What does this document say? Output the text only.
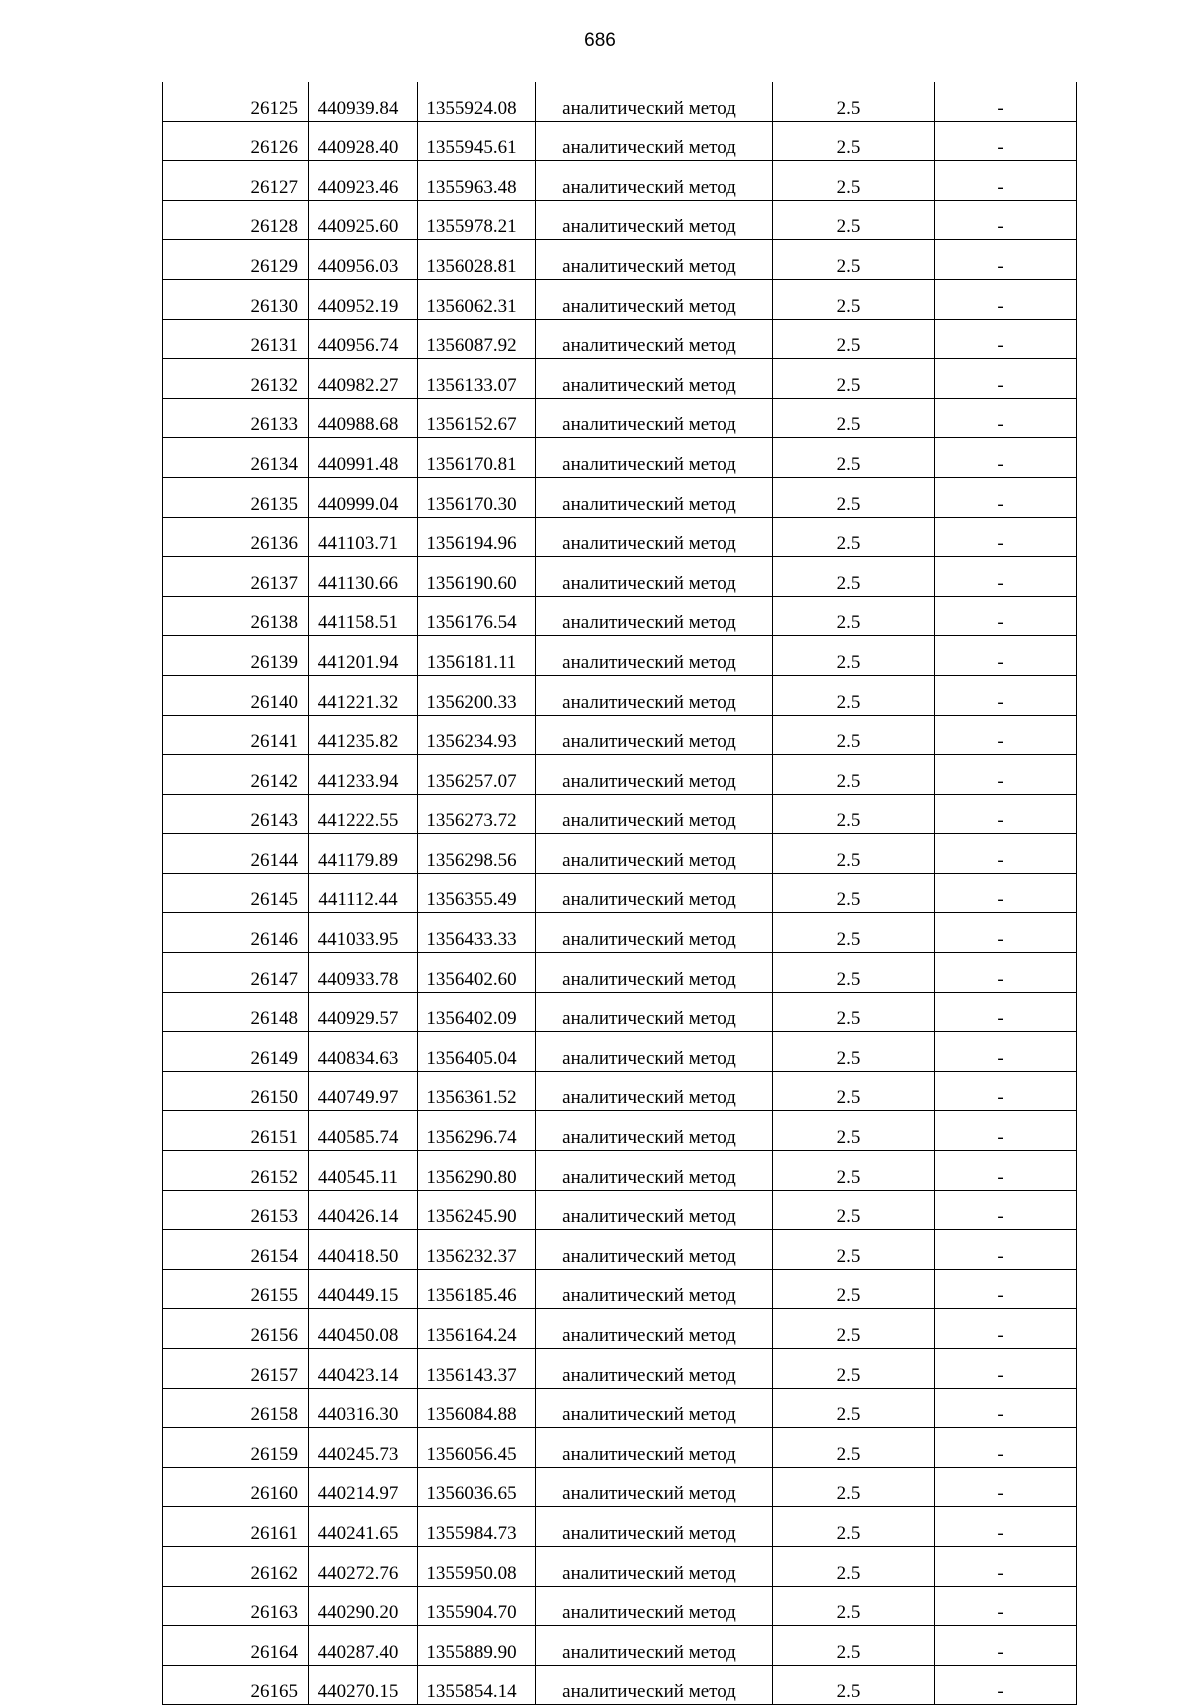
686
26125	440939.84	1355924.08	аналитический метод	2.5	-
26126	440928.40	1355945.61	аналитический метод	2.5	-
26127	440923.46	1355963.48	аналитический метод	2.5	-
26128	440925.60	1355978.21	аналитический метод	2.5	-
26129	440956.03	1356028.81	аналитический метод	2.5	-
26130	440952.19	1356062.31	аналитический метод	2.5	-
26131	440956.74	1356087.92	аналитический метод	2.5	-
26132	440982.27	1356133.07	аналитический метод	2.5	-
26133	440988.68	1356152.67	аналитический метод	2.5	-
26134	440991.48	1356170.81	аналитический метод	2.5	-
26135	440999.04	1356170.30	аналитический метод	2.5	-
26136	441103.71	1356194.96	аналитический метод	2.5	-
26137	441130.66	1356190.60	аналитический метод	2.5	-
26138	441158.51	1356176.54	аналитический метод	2.5	-
26139	441201.94	1356181.11	аналитический метод	2.5	-
26140	441221.32	1356200.33	аналитический метод	2.5	-
26141	441235.82	1356234.93	аналитический метод	2.5	-
26142	441233.94	1356257.07	аналитический метод	2.5	-
26143	441222.55	1356273.72	аналитический метод	2.5	-
26144	441179.89	1356298.56	аналитический метод	2.5	-
26145	441112.44	1356355.49	аналитический метод	2.5	-
26146	441033.95	1356433.33	аналитический метод	2.5	-
26147	440933.78	1356402.60	аналитический метод	2.5	-
26148	440929.57	1356402.09	аналитический метод	2.5	-
26149	440834.63	1356405.04	аналитический метод	2.5	-
26150	440749.97	1356361.52	аналитический метод	2.5	-
26151	440585.74	1356296.74	аналитический метод	2.5	-
26152	440545.11	1356290.80	аналитический метод	2.5	-
26153	440426.14	1356245.90	аналитический метод	2.5	-
26154	440418.50	1356232.37	аналитический метод	2.5	-
26155	440449.15	1356185.46	аналитический метод	2.5	-
26156	440450.08	1356164.24	аналитический метод	2.5	-
26157	440423.14	1356143.37	аналитический метод	2.5	-
26158	440316.30	1356084.88	аналитический метод	2.5	-
26159	440245.73	1356056.45	аналитический метод	2.5	-
26160	440214.97	1356036.65	аналитический метод	2.5	-
26161	440241.65	1355984.73	аналитический метод	2.5	-
26162	440272.76	1355950.08	аналитический метод	2.5	-
26163	440290.20	1355904.70	аналитический метод	2.5	-
26164	440287.40	1355889.90	аналитический метод	2.5	-
26165	440270.15	1355854.14	аналитический метод	2.5	-
